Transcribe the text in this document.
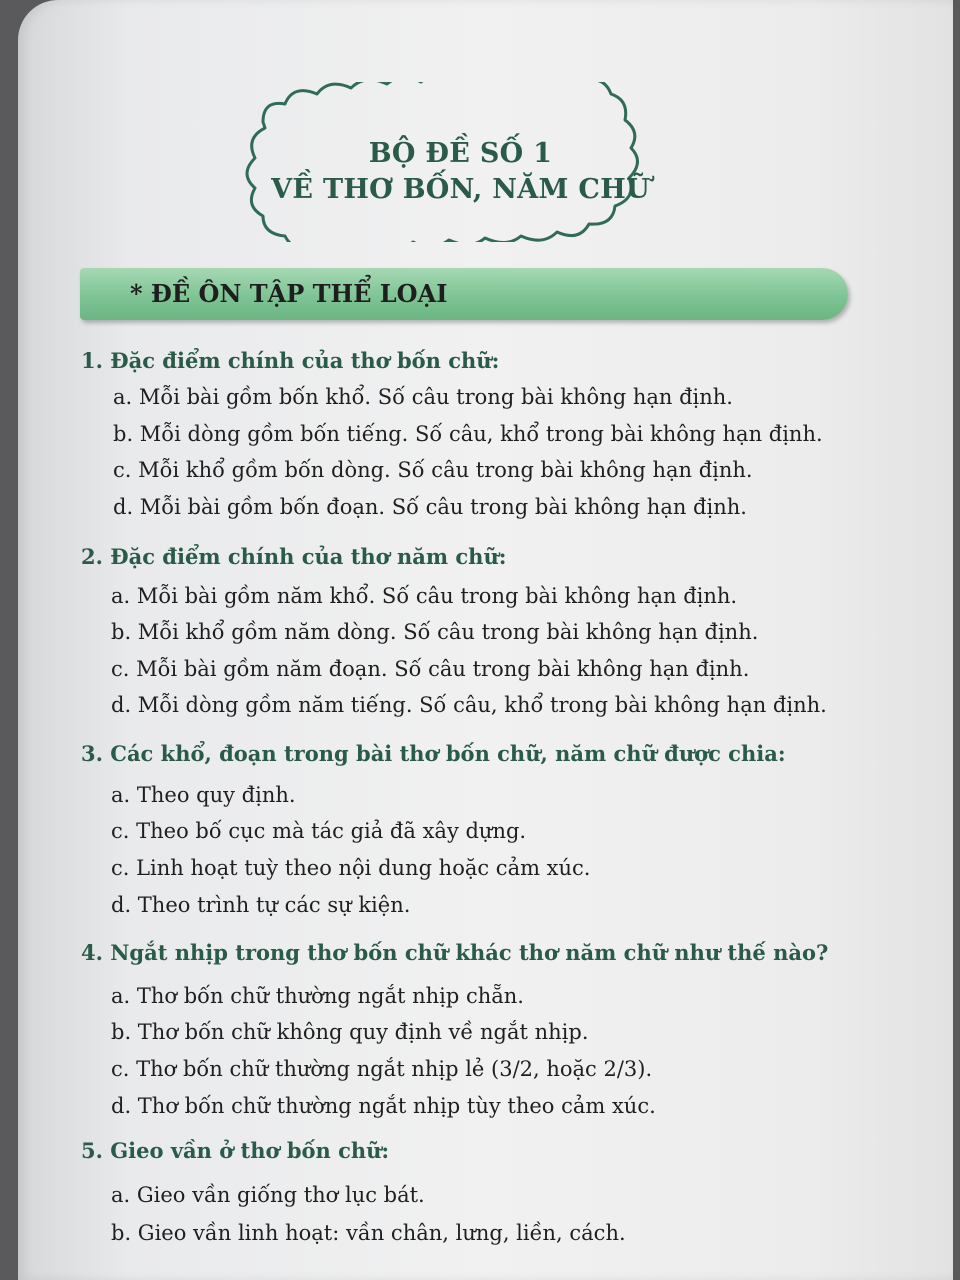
BỘ ĐỀ SỐ 1
VỀ THƠ BỐN, NĂM CHỮ
* ĐỀ ÔN TẬP THỂ LOẠI
1. Đặc điểm chính của thơ bốn chữ:
a. Mỗi bài gồm bốn khổ. Số câu trong bài không hạn định.
b. Mỗi dòng gồm bốn tiếng. Số câu, khổ trong bài không hạn định.
c. Mỗi khổ gồm bốn dòng. Số câu trong bài không hạn định.
d. Mỗi bài gồm bốn đoạn. Số câu trong bài không hạn định.
2. Đặc điểm chính của thơ năm chữ:
a. Mỗi bài gồm năm khổ. Số câu trong bài không hạn định.
b. Mỗi khổ gồm năm dòng. Số câu trong bài không hạn định.
c. Mỗi bài gồm năm đoạn. Số câu trong bài không hạn định.
d. Mỗi dòng gồm năm tiếng. Số câu, khổ trong bài không hạn định.
3. Các khổ, đoạn trong bài thơ bốn chữ, năm chữ được chia:
a. Theo quy định.
c. Theo bố cục mà tác giả đã xây dựng.
c. Linh hoạt tuỳ theo nội dung hoặc cảm xúc.
d. Theo trình tự các sự kiện.
4. Ngắt nhịp trong thơ bốn chữ khác thơ năm chữ như thế nào?
a. Thơ bốn chữ thường ngắt nhịp chẵn.
b. Thơ bốn chữ không quy định về ngắt nhịp.
c. Thơ bốn chữ thường ngắt nhịp lẻ (3/2, hoặc 2/3).
d. Thơ bốn chữ thường ngắt nhịp tùy theo cảm xúc.
5. Gieo vần ở thơ bốn chữ:
a. Gieo vần giống thơ lục bát.
b. Gieo vần linh hoạt: vần chân, lưng, liền, cách.
